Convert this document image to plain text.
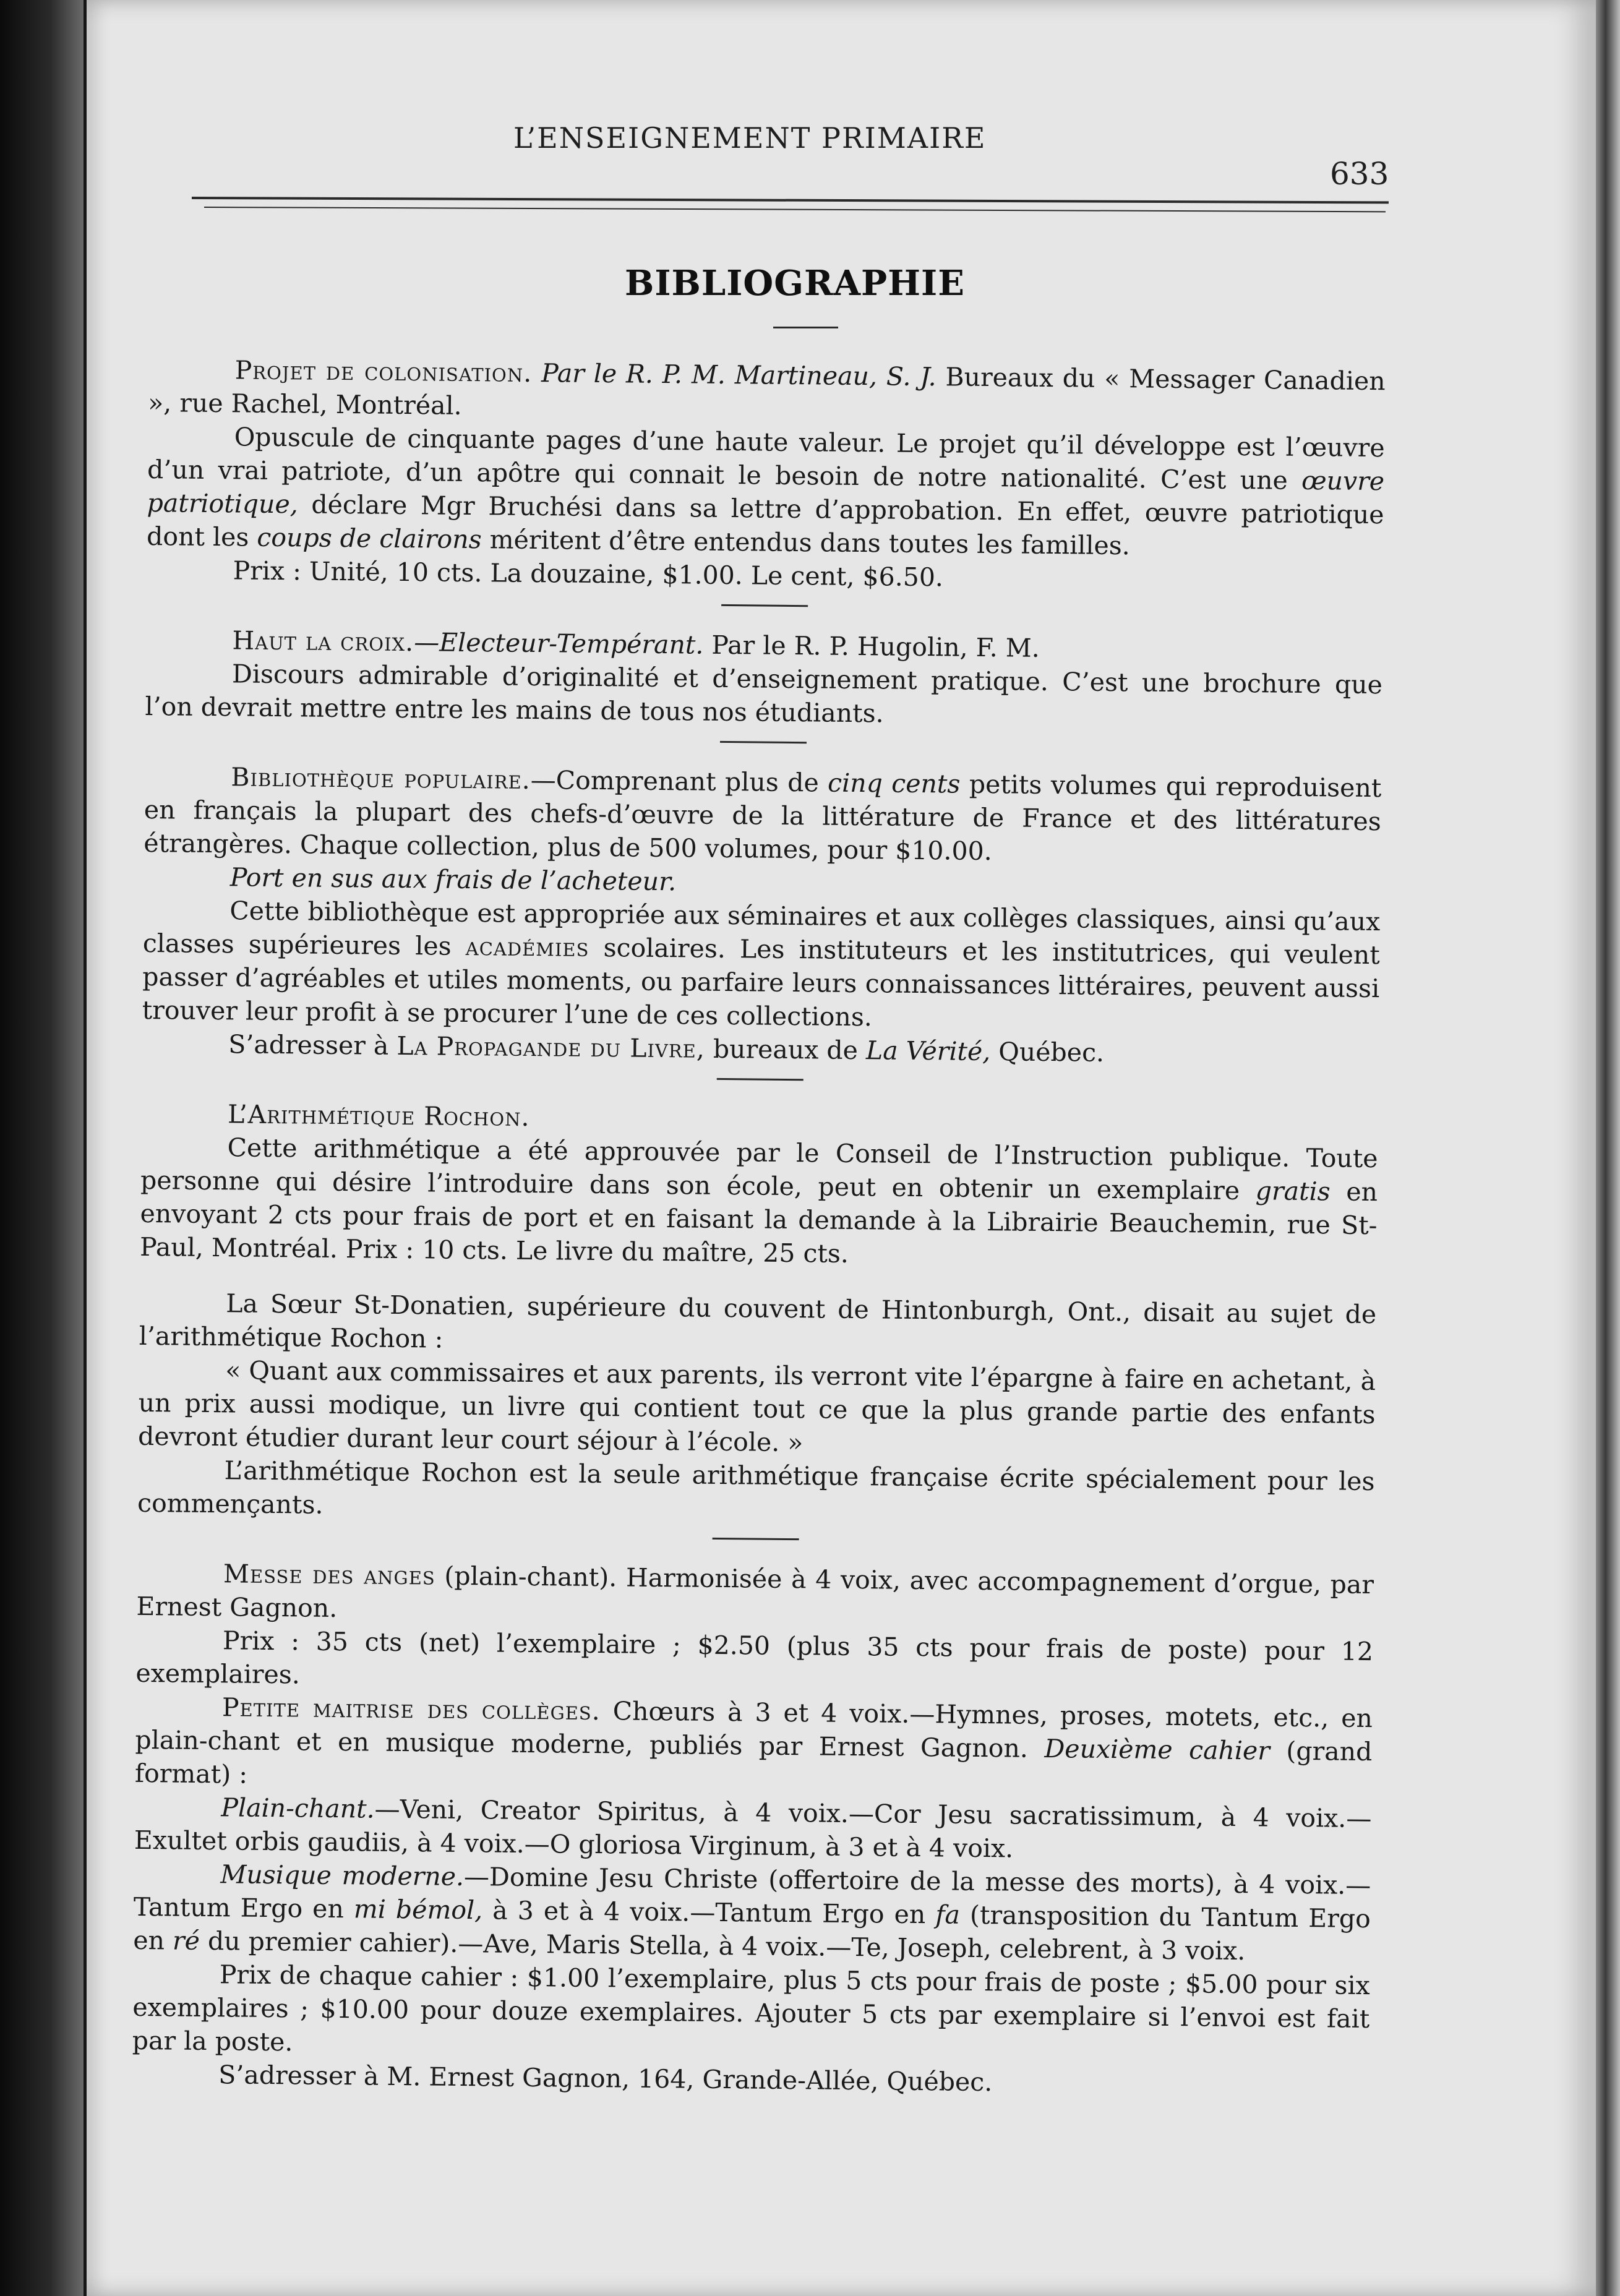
L’ENSEIGNEMENT PRIMAIRE
633
BIBLIOGRAPHIE

Projet de colonisation. Par le R. P. M. Martineau, S. J. Bureaux du « Messager Canadien », rue Rachel, Montréal.

Opuscule de cinquante pages d’une haute valeur. Le projet qu’il développe est l’œuvre d’un vrai patriote, d’un apôtre qui connait le besoin de notre nationalité. C’est une œuvre patriotique, déclare Mgr Bruchési dans sa lettre d’approbation. En effet, œuvre patriotique dont les coups de clairons méritent d’être entendus dans toutes les familles.

Prix : Unité, 10 cts. La douzaine, $1.00. Le cent, $6.50.

Haut la croix.—Electeur-Tempérant. Par le R. P. Hugolin, F. M.

Discours admirable d’originalité et d’enseignement pratique. C’est une brochure que l’on devrait mettre entre les mains de tous nos étudiants.

Bibliothèque populaire.—Comprenant plus de cinq cents petits volumes qui reproduisent en français la plupart des chefs-d’œuvre de la littérature de France et des littératures étrangères. Chaque collection, plus de 500 volumes, pour $10.00.

Port en sus aux frais de l’acheteur.

Cette bibliothèque est appropriée aux séminaires et aux collèges classiques, ainsi qu’aux classes supérieures les académies scolaires. Les instituteurs et les institutrices, qui veulent passer d’agréables et utiles moments, ou parfaire leurs connaissances littéraires, peuvent aussi trouver leur profit à se procurer l’une de ces collections.

S’adresser à La Propagande du Livre, bureaux de La Vérité, Québec.

L’Arithmétique Rochon.

Cette arithmétique a été approuvée par le Conseil de l’Instruction publique. Toute personne qui désire l’introduire dans son école, peut en obtenir un exemplaire gratis en envoyant 2 cts pour frais de port et en faisant la demande à la Librairie Beauchemin, rue St-Paul, Montréal. Prix : 10 cts. Le livre du maître, 25 cts.

La Sœur St-Donatien, supérieure du couvent de Hintonburgh, Ont., disait au sujet de l’arithmétique Rochon :

« Quant aux commissaires et aux parents, ils verront vite l’épargne à faire en achetant, à un prix aussi modique, un livre qui contient tout ce que la plus grande partie des enfants devront étudier durant leur court séjour à l’école. »

L’arithmétique Rochon est la seule arithmétique française écrite spécialement pour les commençants.

Messe des anges (plain-chant). Harmonisée à 4 voix, avec accompagnement d’orgue, par Ernest Gagnon.

Prix : 35 cts (net) l’exemplaire ; $2.50 (plus 35 cts pour frais de poste) pour 12 exemplaires.

Petite maitrise des collèges. Chœurs à 3 et 4 voix.—Hymnes, proses, motets, etc., en plain-chant et en musique moderne, publiés par Ernest Gagnon. Deuxième cahier (grand format) :

Plain-chant.—Veni, Creator Spiritus, à 4 voix.—Cor Jesu sacratissimum, à 4 voix.—Exultet orbis gaudiis, à 4 voix.—O gloriosa Virginum, à 3 et à 4 voix.

Musique moderne.—Domine Jesu Christe (offertoire de la messe des morts), à 4 voix.—Tantum Ergo en mi bémol, à 3 et à 4 voix.—Tantum Ergo en fa (transposition du Tantum Ergo en ré du premier cahier).—Ave, Maris Stella, à 4 voix.—Te, Joseph, celebrent, à 3 voix.

Prix de chaque cahier : $1.00 l’exemplaire, plus 5 cts pour frais de poste ; $5.00 pour six exemplaires ; $10.00 pour douze exemplaires. Ajouter 5 cts par exemplaire si l’envoi est fait par la poste.

S’adresser à M. Ernest Gagnon, 164, Grande-Allée, Québec.
